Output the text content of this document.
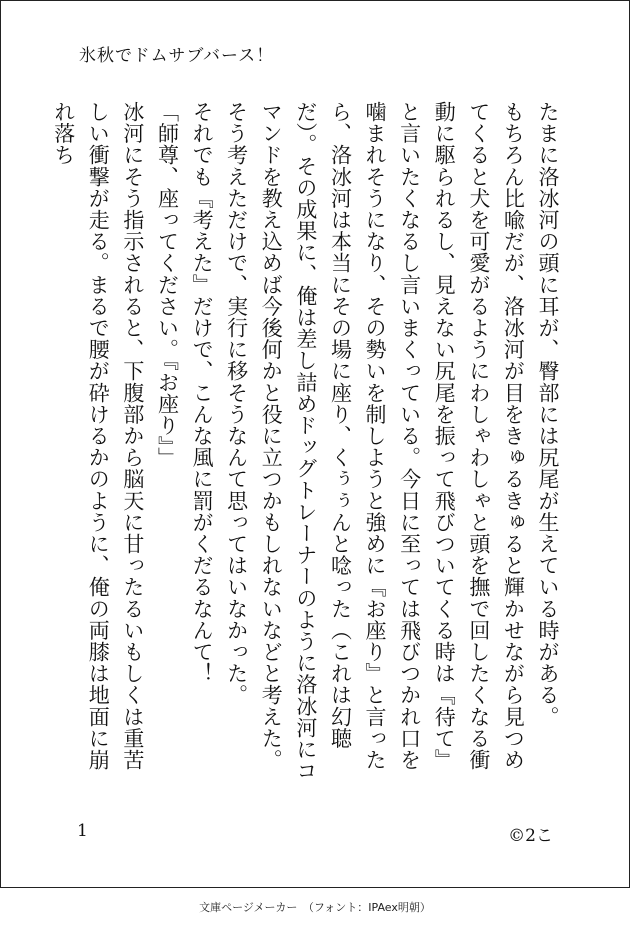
氷秋でドムサブバース！

たまに洛冰河の頭に耳が、臀部には尻尾が生えている時がある。

もちろん比喩だが、洛冰河が目をきゅるきゅると輝かせながら見つめてくると犬を可愛がるようにわしゃわしゃと頭を撫で回したくなる衝動に駆られるし、見えない尻尾を振って飛びついてくる時は『待て』と言いたくなるし言いまくっている。今日に至っては飛びつかれ口を噛まれそうになり、その勢いを制しようと強めに『お座り』と言ったら、洛冰河は本当にその場に座り、くぅぅんと唸った（これは幻聴だ）。その成果に、俺は差し詰めドッグトレーナーのように洛冰河にコマンドを教え込めば今後何かと役に立つかもしれないなどと考えた。そう考えただけで、実行に移そうなんて思ってはいなかった。

それでも『考えた』だけで、こんな風に罰がくだるなんて！

「師尊、座ってください。『お座り』」

冰河にそう指示されると、下腹部から脳天に甘ったるいもしくは重苦しい衝撃が走る。まるで腰が砕けるかのように、俺の両膝は地面に崩れ落ち

1	©2こ
文庫ページメーカー　（フォント：IPAex明朝）
